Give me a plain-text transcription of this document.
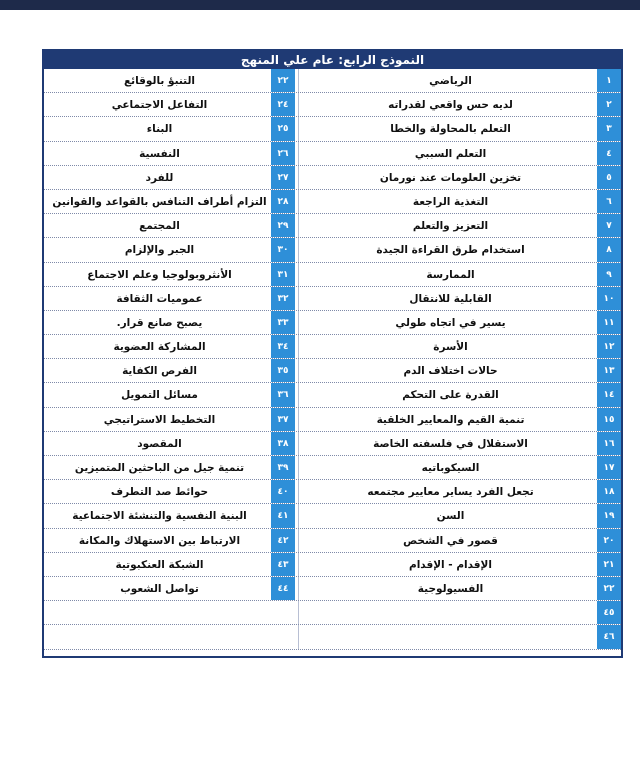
النموذج الرابع: عام علي المنهج
١
الرياضي
٢٢
التنبؤ بالوقائع
٢
لديه حس واقعي لقدراته
٢٤
التفاعل الاجتماعي
٣
التعلم بالمحاولة والخطا
٢٥
البناء
٤
التعلم السببي
٢٦
النفسية
٥
تخزين العلومات عند نورمان
٢٧
للفرد
٦
التغذية الراجعة
٢٨
التزام أطراف التنافس بالقواعد والقوانين
٧
التعزيز والتعلم
٢٩
المجتمع
٨
استخدام طرق القراءة الجيدة
٣٠
الجبر والإلزام
٩
الممارسة
٣١
الأنثروبولوجيا وعلم الاجتماع
١٠
القابلية للانتقال
٣٢
عموميات الثقافة
١١
يسير في اتجاه طولي
٣٣
يصبح صانع قرار.
١٢
الأسرة
٣٤
المشاركة العضوية
١٣
حالات اختلاف الدم
٣٥
الفرص الكفاية
١٤
القدرة على التحكم
٣٦
مسائل التمويل
١٥
تنمية القيم والمعايير الخلقية
٣٧
التخطيط الاستراتيجي
١٦
الاستقلال في فلسفته الخاصة
٣٨
المقصود
١٧
السيكوباتيه
٣٩
تنمية جيل من الباحثين المتميزين
١٨
تجعل الفرد يساير معايير مجتمعه
٤٠
حوائط صد التطرف
١٩
السن
٤١
البنية النفسية والتنشئة الاجتماعية
٢٠
قصور في الشخص
٤٢
الارتباط بين الاستهلاك والمكانة
٢١
الإقدام - الإقدام
٤٣
الشبكة العنكبوتية
٢٢
الفسيولوجية
٤٤
تواصل الشعوب
٤٥
٤٦
